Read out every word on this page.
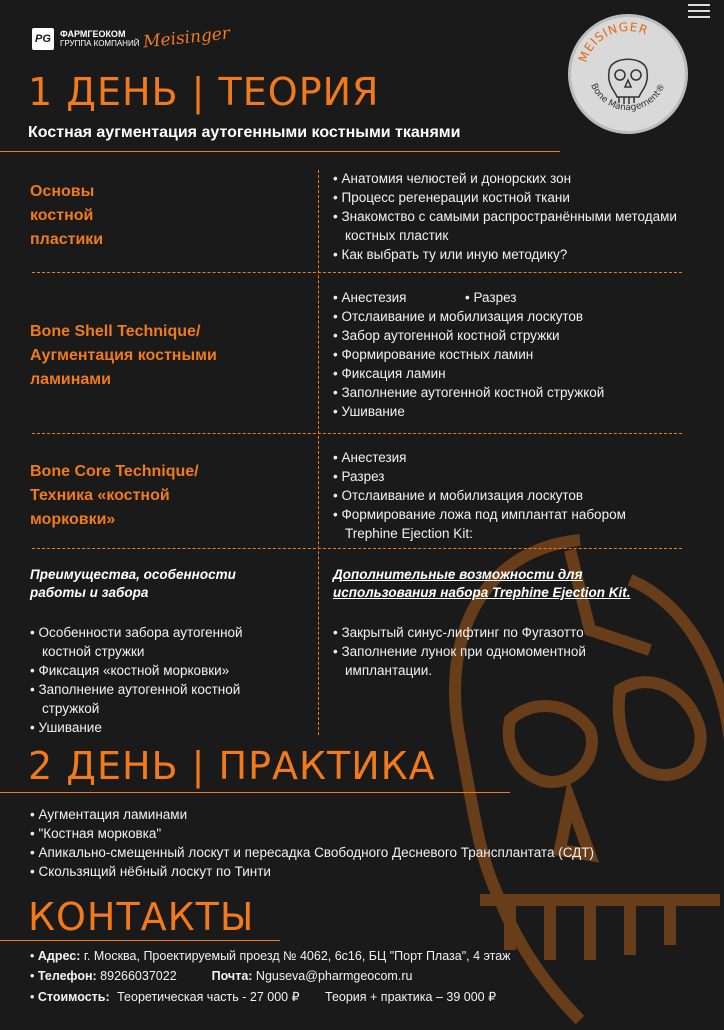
PG	ФАРМГЕОКОМ
ГРУППА КОМПАНИЙ Meisinger
MEISINGER
Bone Management®
1 ДЕНЬ | ТЕОРИЯ
Костная аугментация аутогенными костными тканями
Основы
костной
пластики
• Анатомия челюстей и донорских зон
• Процесс регенерации костной ткани
• Знакомство с самыми распространёнными методами костных пластик
• Как выбрать ту или иную методику?
Bone Shell Technique/
Аугментация костными
ламинами
• Анестезия
•	Разрез
• Отслаивание и мобилизация лоскутов
• Забор аутогенной костной стружки
• Формирование костных ламин
• Фиксация ламин
• Заполнение аутогенной костной стружкой
• Ушивание
Bone Core Technique/
Техника «костной
морковки»
• Анестезия
• Разрез
• Отслаивание и мобилизация лоскутов
• Формирование ложа под имплантат набором Trephine Ejection Kit:
Преимущества, особенности
работы и забора
• Особенности забора аутогенной костной стружки
• Фиксация «костной морковки»
• Заполнение аутогенной костной стружкой
• Ушивание
Дополнительные возможности для
использования набора Trephine Ejection Kit.
• Закрытый синус-лифтинг по Фугазотто
• Заполнение лунок при одномоментной имплантации.
2 ДЕНЬ | ПРАКТИКА
• Аугментация ламинами
• "Костная морковка"
• Апикально-смещенный лоскут и пересадка Свободного Десневого Трансплантата (СДТ)
• Скользящий нёбный лоскут по Тинти
КОНТАКТЫ
• Адрес: г. Москва, Проектируемый проезд № 4062, 6с16, БЦ "Порт Плаза", 4 этаж
• Телефон: 89266037022	Почта: Nguseva@pharmgeocom.ru
• Стоимость: Теоретическая часть - 27 000 ₽ Теория + практика – 39 000 ₽
